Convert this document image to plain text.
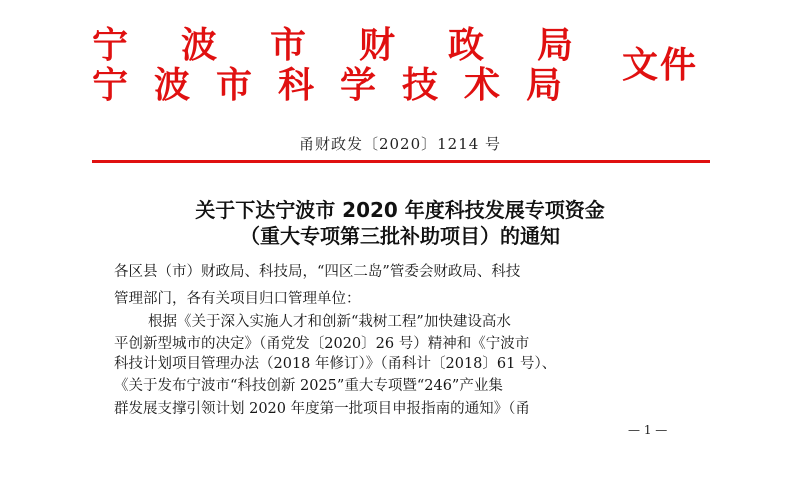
宁 波 市 财 政 局
宁 波 市 科 学 技 术 局	文件
甬财政发〔2020〕1214 号
关于下达宁波市 2020 年度科技发展专项资金
（重大专项第三批补助项目）的通知
各区县（市）财政局、科技局，“四区二岛”管委会财政局、科技
管理部门，各有关项目归口管理单位：
根据《关于深入实施人才和创新“栽树工程”加快建设高水
平创新型城市的决定》（甬党发〔2020〕26 号）精神和《宁波市
科技计划项目管理办法（2018 年修订）》（甬科计〔2018〕61 号）、
《关于发布宁波市“科技创新 2025”重大专项暨“246”产业集
群发展支撑引领计划 2020 年度第一批项目申报指南的通知》（甬
— 1 —
